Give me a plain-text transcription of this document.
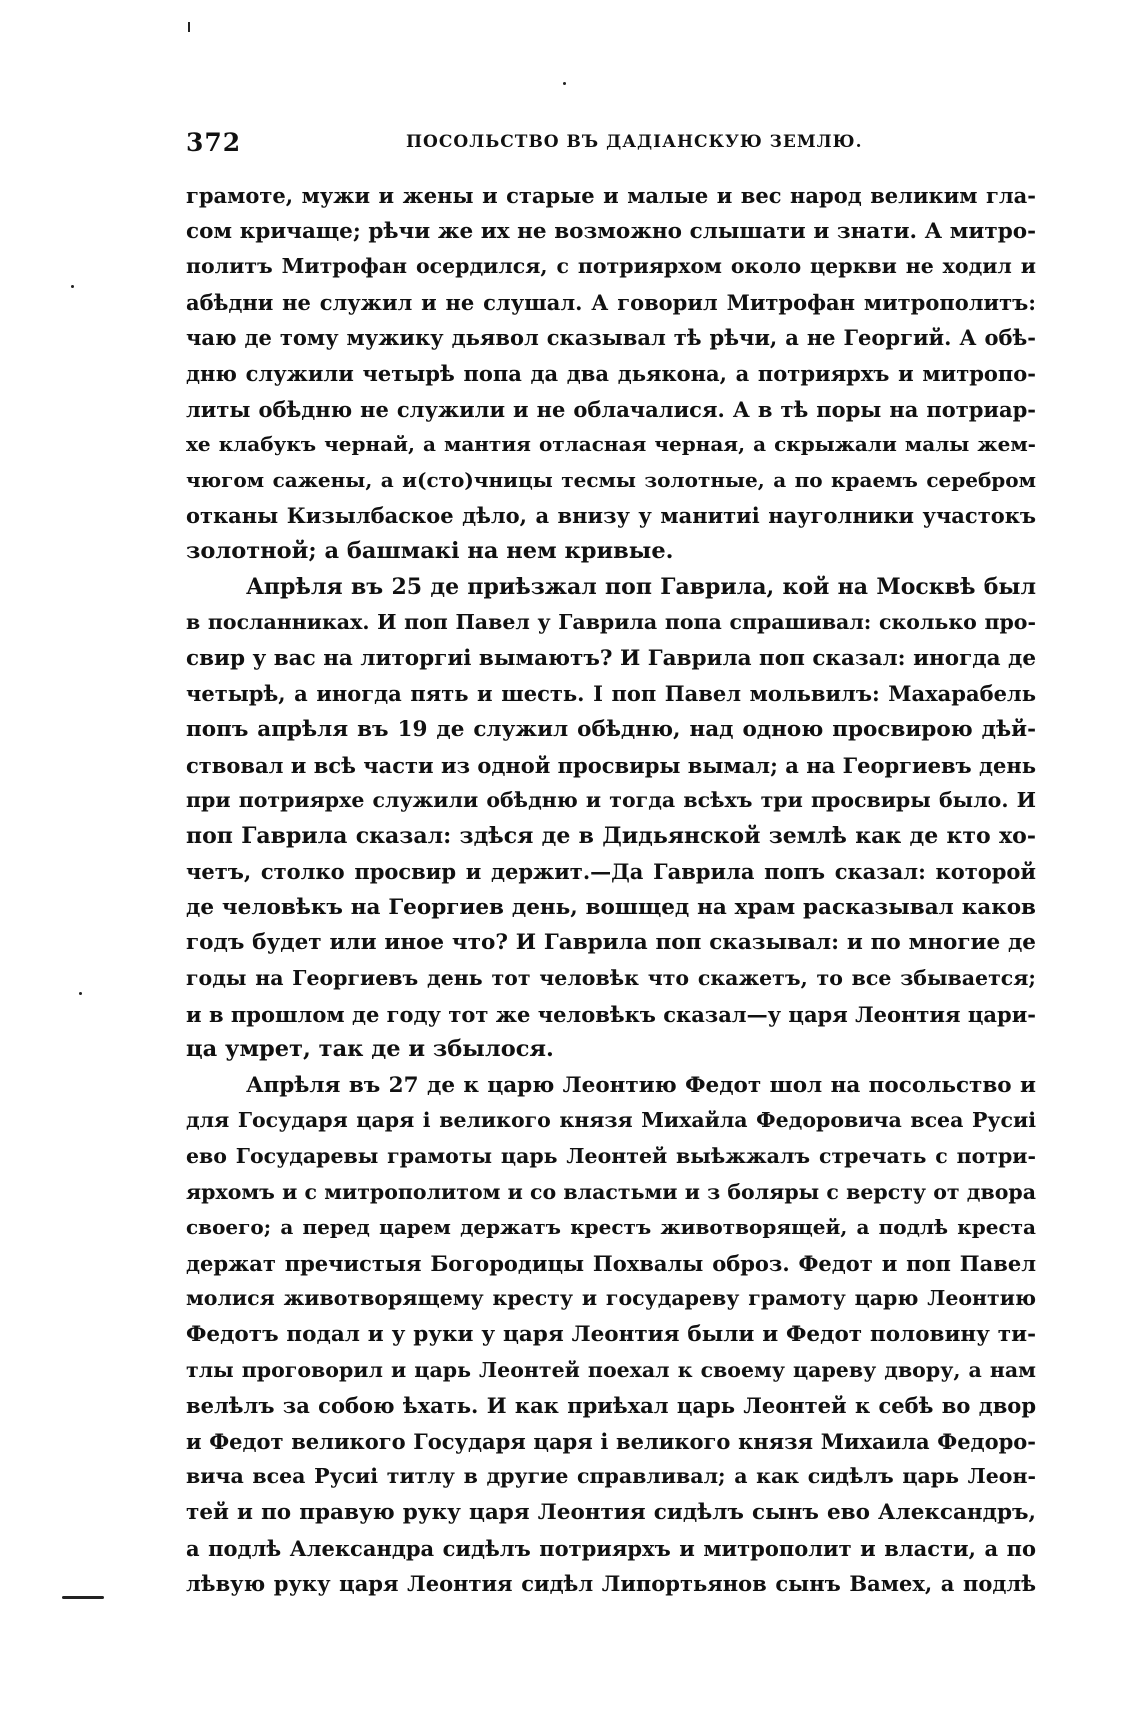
372	ПОСОЛЬСТВО ВЪ ДАДІАНСКУЮ ЗЕМЛЮ.

грамоте, мужи и жены и старые и малые и вес народ великим гла-
сом кричаще; рѣчи же их не возможно слышати и знати. А митро-
политъ Митрофан осердился, с потриярхом около церкви не ходил и
абѣдни не служил и не слушал. А говорил Митрофан митрополитъ:
чаю де тому мужику дьявол сказывал тѣ рѣчи, а не Георгий. А обѣ-
дню служили четырѣ попа да два дьякона, а потриярхъ и митропо-
литы обѣдню не служили и не облачалися. А в тѣ поры на потриар-
хе клабукъ чернай, а мантия отласная черная, а скрыжали малы жем-
чюгом сажены, а и(сто)чницы тесмы золотные, а по краемъ серебром
отканы Кизылбаское дѣло, а внизу у манитиі науголники участокъ
золотной; а башмакі на нем кривые.

Апрѣля въ 25 де приѣзжал поп Гаврила, кой на Москвѣ был
в посланниках. И поп Павел у Гаврила попа спрашивал: сколько про-
свир у вас на литоргиі вымаютъ? И Гаврила поп сказал: иногда де
четырѣ, а иногда пять и шесть. І поп Павел мольвилъ: Махарабель
попъ апрѣля въ 19 де служил обѣдню, над одною просвирою дѣй-
ствовал и всѣ части из одной просвиры вымал; а на Георгиевъ день
при потриярхе служили обѣдню и тогда всѣхъ три просвиры было. И
поп Гаврила сказал: здѣся де в Дидьянской землѣ как де кто хо-
четъ, столко просвир и держит.—Да Гаврила попъ сказал: которой
де человѣкъ на Георгиев день, вошщед на храм расказывал каков
годъ будет или иное что? И Гаврила поп сказывал: и по многие де
годы на Георгиевъ день тот человѣк что скажетъ, то все збывается;
и в прошлом де году тот же человѣкъ сказал—у царя Леонтия цари-
ца умрет, так де и збылося.

Апрѣля въ 27 де к царю Леонтию Федот шол на посольство и
для Государя царя і великого князя Михайла Федоровича всеа Русиі
ево Государевы грамоты царь Леонтей выѣжжалъ стречать с потри-
ярхомъ и с митрополитом и со властьми и з боляры с версту от двора
своего; а перед царем держатъ крестъ животворящей, а подлѣ креста
держат пречистыя Богородицы Похвалы оброз. Федот и поп Павел
молися животворящему кресту и государеву грамоту царю Леонтию
Федотъ подал и у руки у царя Леонтия были и Федот половину ти-
тлы проговорил и царь Леонтей поехал к своему цареву двору, а нам
велѣлъ за собою ѣхать. И как приѣхал царь Леонтей к себѣ во двор
и Федот великого Государя царя і великого князя Михаила Федоро-
вича всеа Русиі титлу в другие справливал; а как сидѣлъ царь Леон-
тей и по правую руку царя Леонтия сидѣлъ сынъ ево Александръ,
а подлѣ Александра сидѣлъ потриярхъ и митрополит и власти, а по
лѣвую руку царя Леонтия сидѣл Липортьянов сынъ Вамех, а подлѣ
